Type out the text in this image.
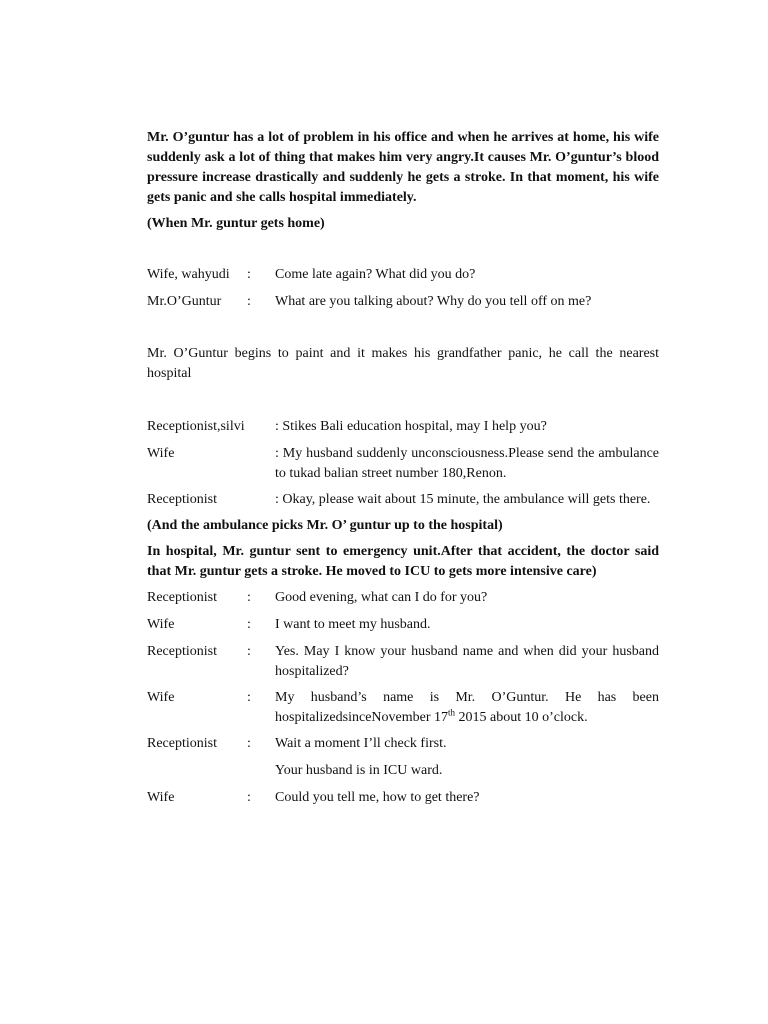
Mr. O’guntur has a lot of problem in his office and when he arrives at home, his wife suddenly ask a lot of thing that makes him very angry.It causes Mr. O’guntur’s blood pressure increase drastically and suddenly he gets a stroke. In that moment, his wife gets panic and she calls hospital immediately.

(When Mr. guntur gets home)

Wife, wahyudi	:	Come late again? What did you do?
Mr.O’Guntur	:	What are you talking about? Why do you tell off on me?

Mr. O’Guntur begins to paint and it makes his grandfather panic, he call the nearest hospital

Receptionist,silvi	: Stikes Bali education hospital, may I help you?
Wife	: My husband suddenly unconsciousness.Please send the ambulance to tukad balian street number 180,Renon.
Receptionist	: Okay, please wait about 15 minute, the ambulance will gets there.

(And the ambulance picks Mr. O’ guntur up to the hospital)

In hospital, Mr. guntur sent to emergency unit.After that accident, the doctor said that Mr. guntur gets a stroke. He moved to ICU to gets more intensive care)

Receptionist	:	Good evening, what can I do for you?
Wife	:	I want to meet my husband.
Receptionist	:	Yes. May I know your husband name and when did your husband hospitalized?
Wife	:	My husband’s name is Mr. O’Guntur. He has been hospitalizedsinceNovember 17th 2015 about 10 o’clock.
Receptionist	:	Wait a moment I’ll check first.
Your husband is in ICU ward.
Wife	:	Could you tell me, how to get there?
